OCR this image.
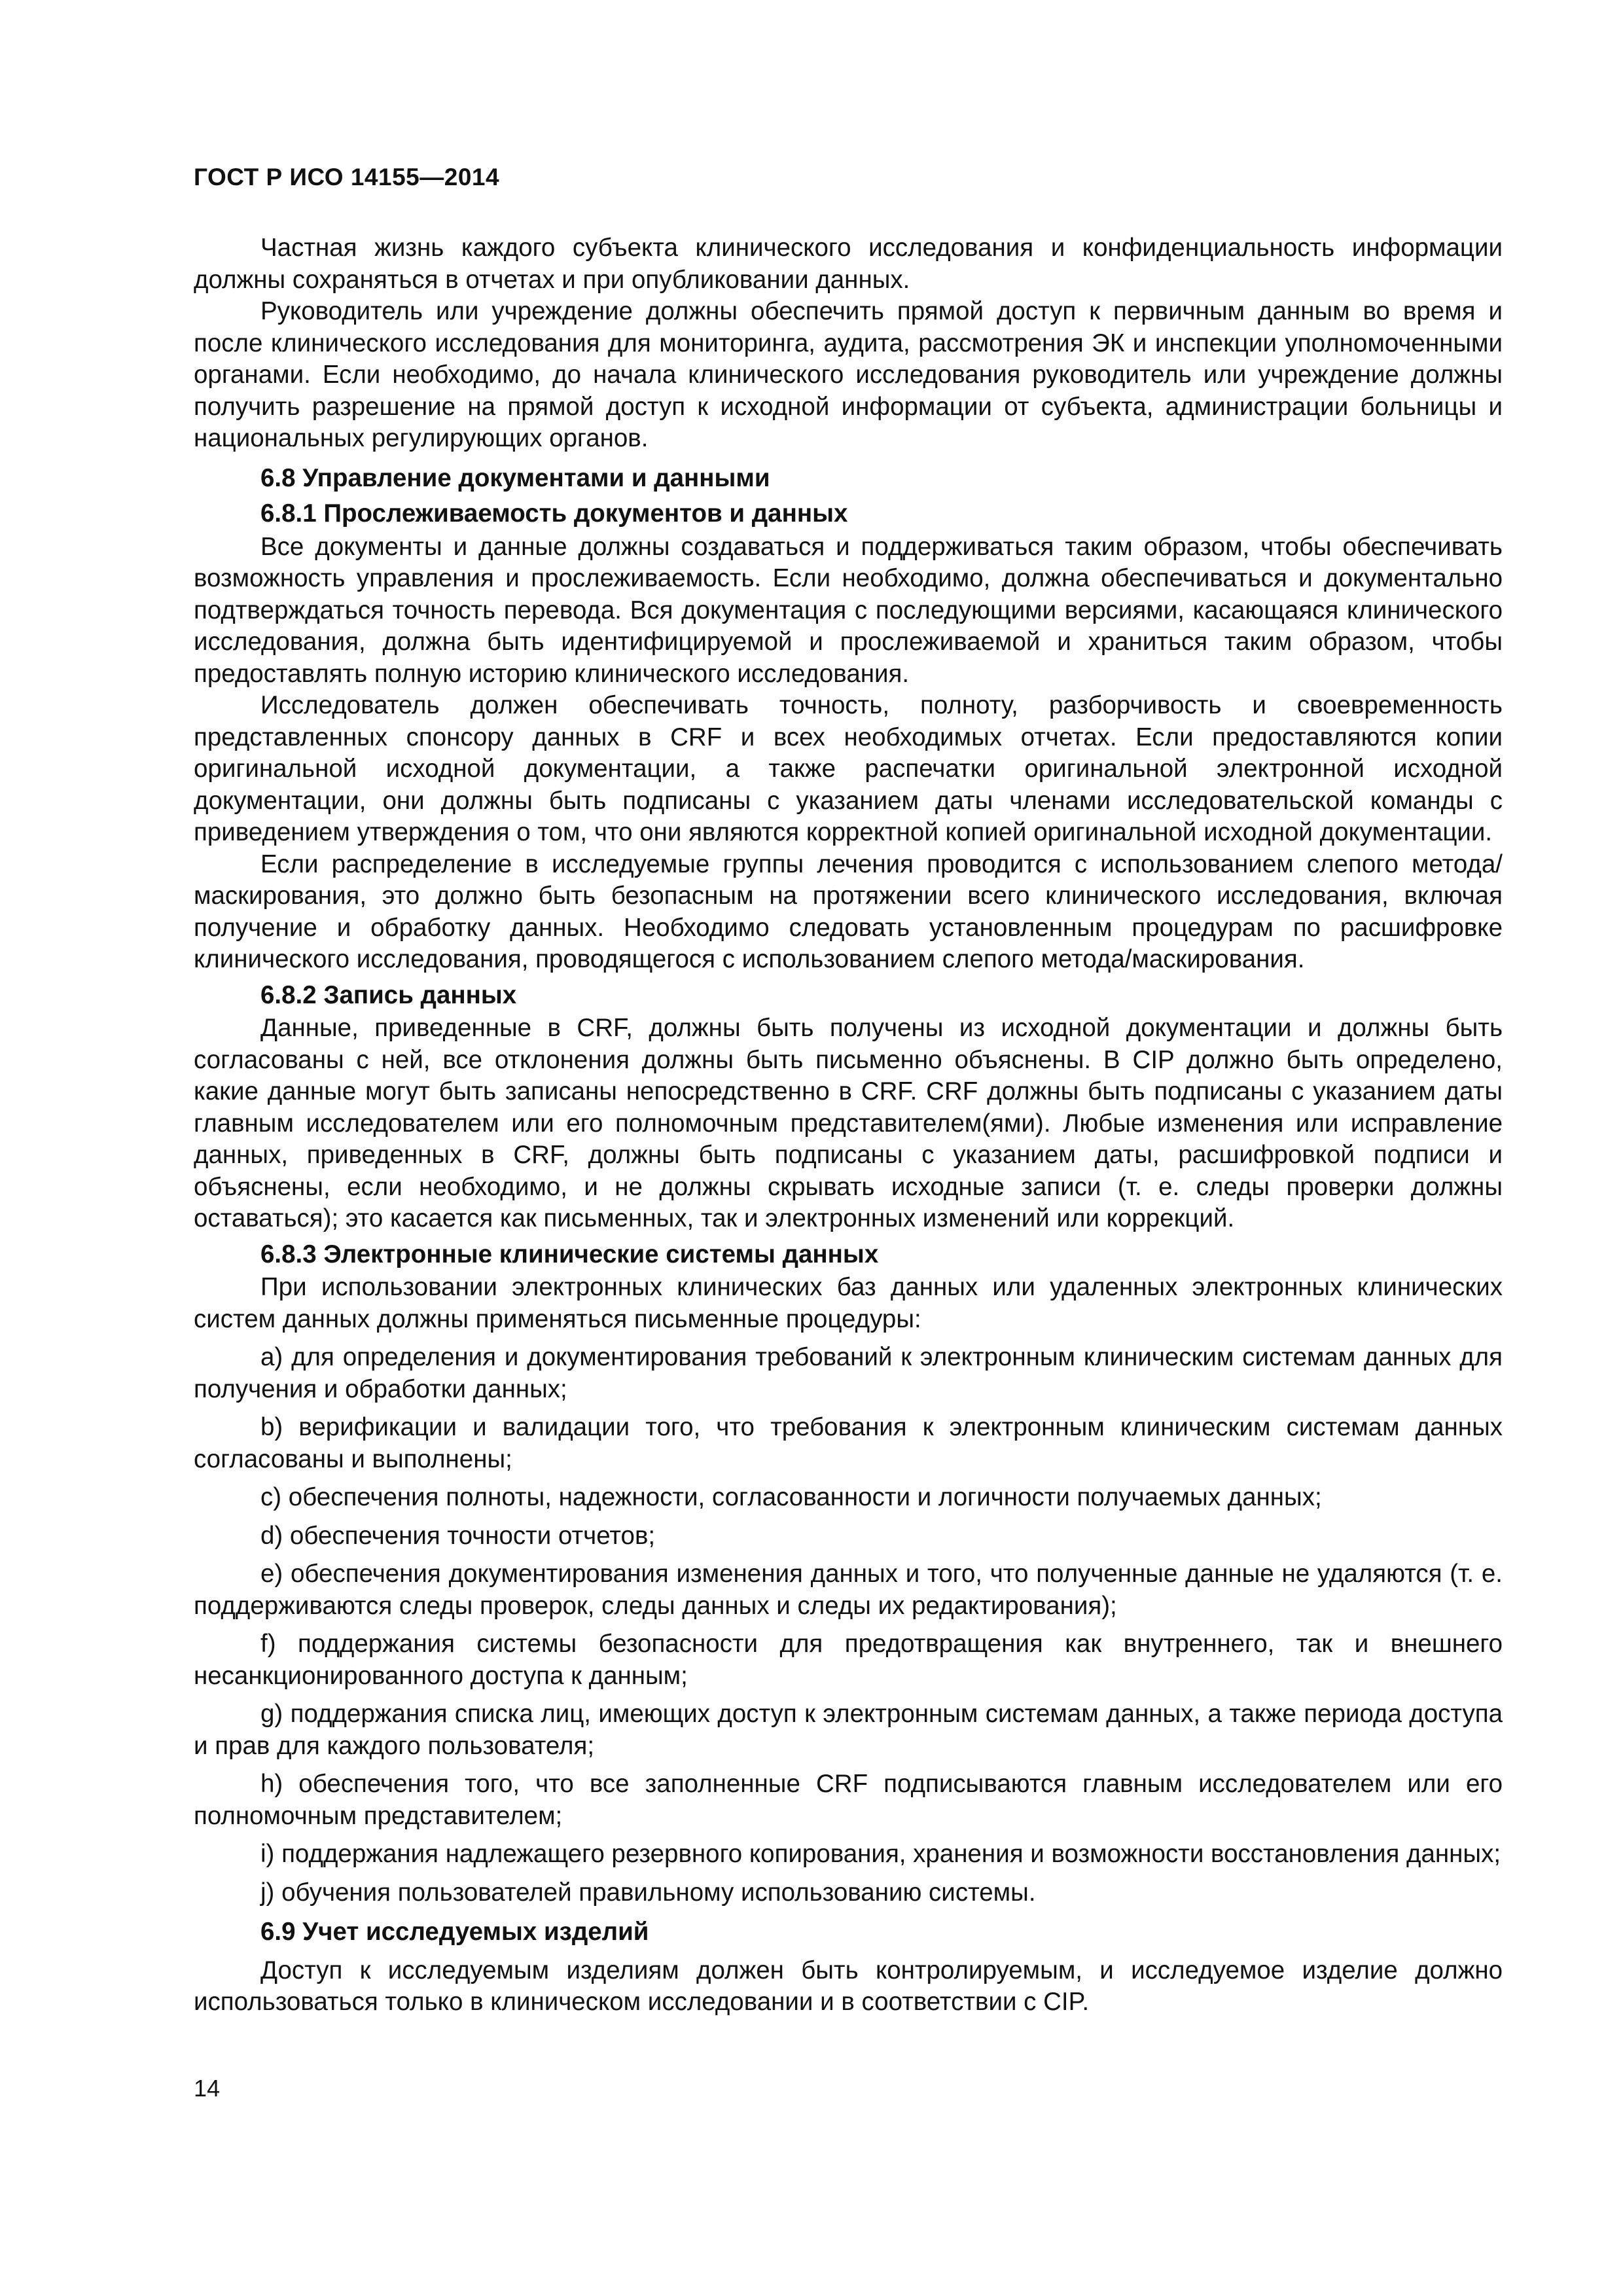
ГОСТ Р ИСО 14155—2014

Частная жизнь каждого субъекта клинического исследования и конфиденциальность информации должны сохраняться в отчетах и при опубликовании данных.

Руководитель или учреждение должны обеспечить прямой доступ к первичным данным во время и после клинического исследования для мониторинга, аудита, рассмотрения ЭК и инспекции уполномоченными органами. Если необходимо, до начала клинического исследования руководитель или учреждение должны получить разрешение на прямой доступ к исходной информации от субъекта, администрации больницы и национальных регулирующих органов.

6.8 Управление документами и данными
6.8.1 Прослеживаемость документов и данных

Все документы и данные должны создаваться и поддерживаться таким образом, чтобы обеспечивать возможность управления и прослеживаемость. Если необходимо, должна обеспечиваться и документально подтверждаться точность перевода. Вся документация с последующими версиями, касающаяся клинического исследования, должна быть идентифицируемой и прослеживаемой и храниться таким образом, чтобы предоставлять полную историю клинического исследования.

Исследователь должен обеспечивать точность, полноту, разборчивость и своевременность представленных спонсору данных в CRF и всех необходимых отчетах. Если предоставляются копии оригинальной исходной документации, а также распечатки оригинальной электронной исходной документации, они должны быть подписаны с указанием даты членами исследовательской команды с приведением утверждения о том, что они являются корректной копией оригинальной исходной документации.

Если распределение в исследуемые группы лечения проводится с использованием слепого метода/маскирования, это должно быть безопасным на протяжении всего клинического исследования, включая получение и обработку данных. Необходимо следовать установленным процедурам по расшифровке клинического исследования, проводящегося с использованием слепого метода/маскирования.

6.8.2 Запись данных

Данные, приведенные в CRF, должны быть получены из исходной документации и должны быть согласованы с ней, все отклонения должны быть письменно объяснены. В CIP должно быть определено, какие данные могут быть записаны непосредственно в CRF. CRF должны быть подписаны с указанием даты главным исследователем или его полномочным представителем(ями). Любые изменения или исправление данных, приведенных в CRF, должны быть подписаны с указанием даты, расшифровкой подписи и объяснены, если необходимо, и не должны скрывать исходные записи (т. е. следы проверки должны оставаться); это касается как письменных, так и электронных изменений или коррекций.

6.8.3 Электронные клинические системы данных

При использовании электронных клинических баз данных или удаленных электронных клинических систем данных должны применяться письменные процедуры:

a) для определения и документирования требований к электронным клиническим системам данных для получения и обработки данных;

b) верификации и валидации того, что требования к электронным клиническим системам данных согласованы и выполнены;

c) обеспечения полноты, надежности, согласованности и логичности получаемых данных;

d) обеспечения точности отчетов;

e) обеспечения документирования изменения данных и того, что полученные данные не удаляются (т. е. поддерживаются следы проверок, следы данных и следы их редактирования);

f) поддержания системы безопасности для предотвращения как внутреннего, так и внешнего несанкционированного доступа к данным;

g) поддержания списка лиц, имеющих доступ к электронным системам данных, а также периода доступа и прав для каждого пользователя;

h) обеспечения того, что все заполненные CRF подписываются главным исследователем или его полномочным представителем;

i) поддержания надлежащего резервного копирования, хранения и возможности восстановления данных;

j) обучения пользователей правильному использованию системы.

6.9 Учет исследуемых изделий

Доступ к исследуемым изделиям должен быть контролируемым, и исследуемое изделие должно использоваться только в клиническом исследовании и в соответствии с CIP.

14
